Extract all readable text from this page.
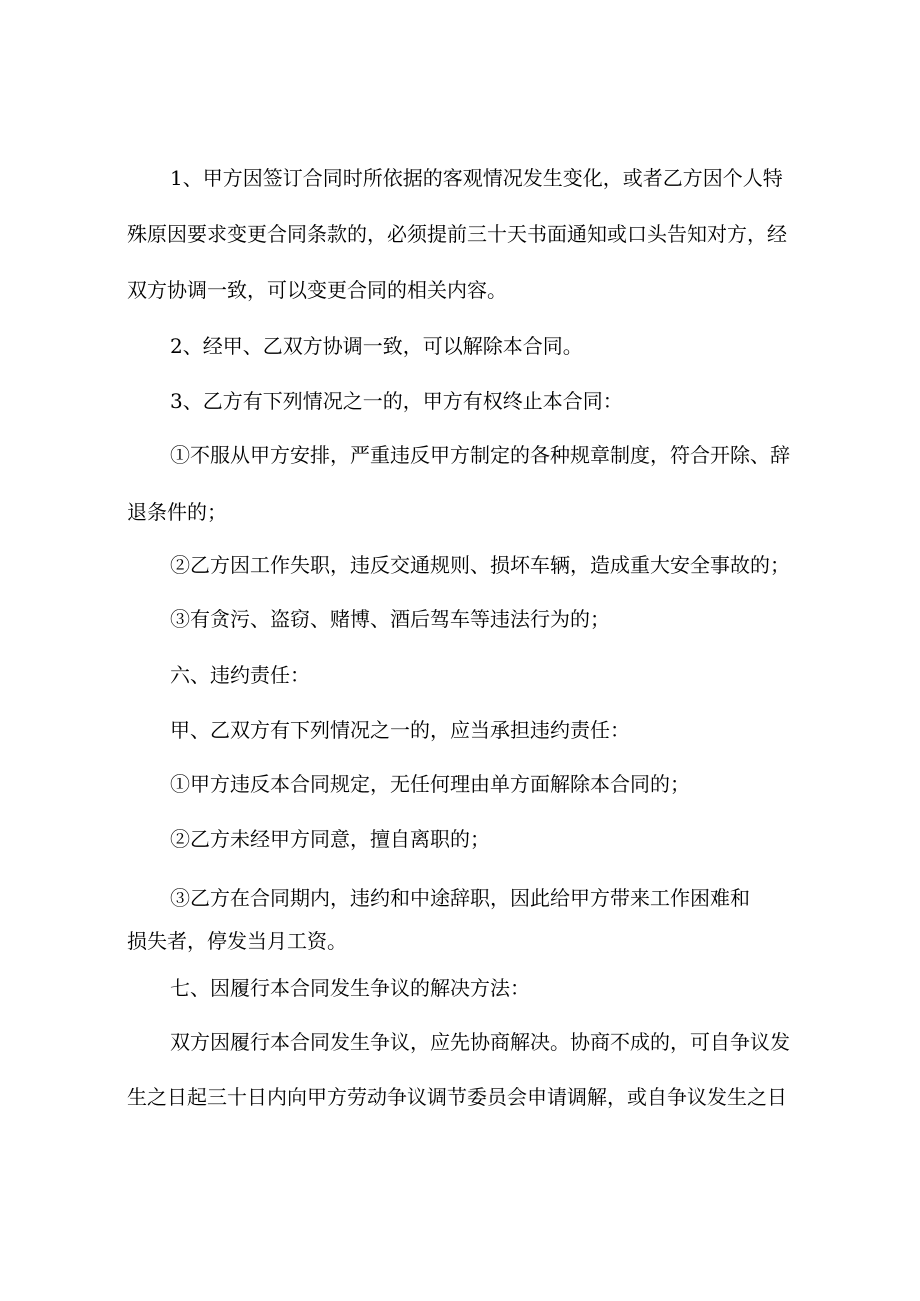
1、甲方因签订合同时所依据的客观情况发生变化，或者乙方因个人特
殊原因要求变更合同条款的，必须提前三十天书面通知或口头告知对方，经
双方协调一致，可以变更合同的相关内容。
2、经甲、乙双方协调一致，可以解除本合同。
3、乙方有下列情况之一的，甲方有权终止本合同：
①不服从甲方安排，严重违反甲方制定的各种规章制度，符合开除、辞
退条件的；
②乙方因工作失职，违反交通规则、损坏车辆，造成重大安全事故的；
③有贪污、盗窃、赌博、酒后驾车等违法行为的；
六、违约责任：
甲、乙双方有下列情况之一的，应当承担违约责任：
①甲方违反本合同规定，无任何理由单方面解除本合同的；
②乙方未经甲方同意，擅自离职的；
③乙方在合同期内，违约和中途辞职，因此给甲方带来工作困难和
损失者，停发当月工资。
七、因履行本合同发生争议的解决方法：
双方因履行本合同发生争议，应先协商解决。协商不成的，可自争议发
生之日起三十日内向甲方劳动争议调节委员会申请调解，或自争议发生之日
